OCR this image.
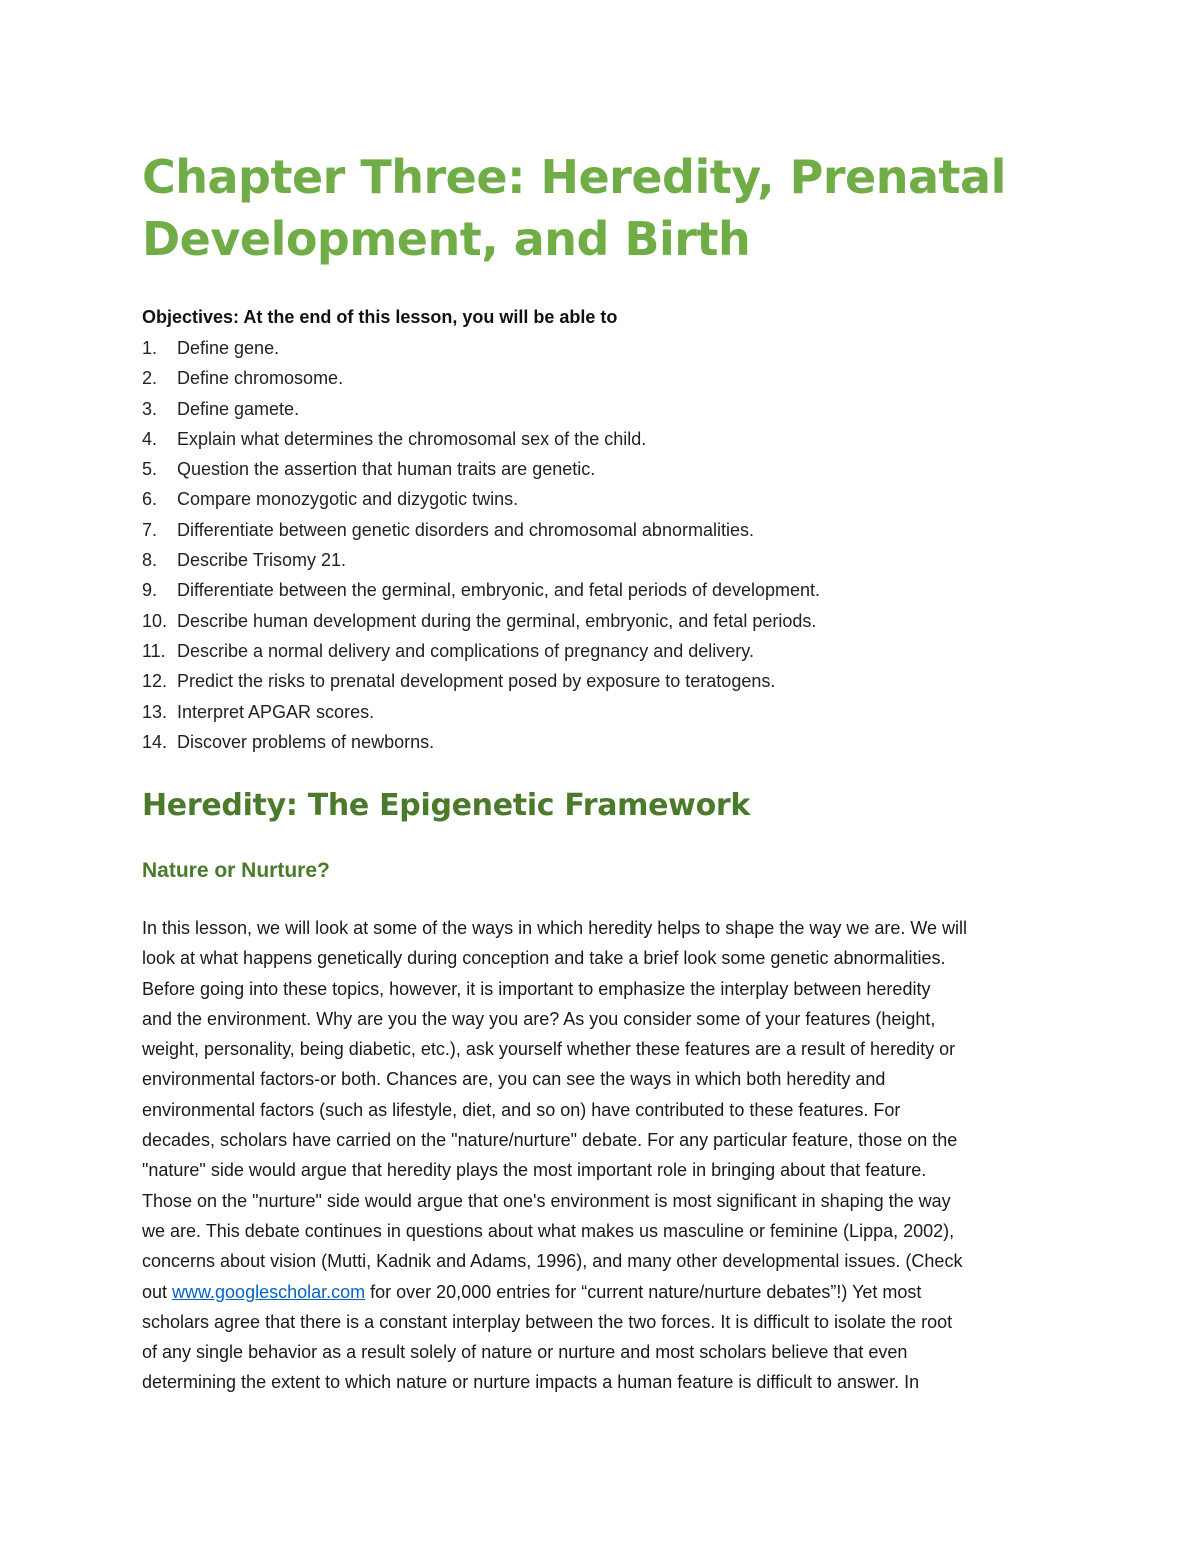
Chapter Three: Heredity, Prenatal
Development, and Birth

Objectives: At the end of this lesson, you will be able to

1.	Define gene.
2.	Define chromosome.
3.	Define gamete.
4.	Explain what determines the chromosomal sex of the child.
5.	Question the assertion that human traits are genetic.
6.	Compare monozygotic and dizygotic twins.
7.	Differentiate between genetic disorders and chromosomal abnormalities.
8.	Describe Trisomy 21.
9.	Differentiate between the germinal, embryonic, and fetal periods of development.
10. Describe human development during the germinal, embryonic, and fetal periods.
11. Describe a normal delivery and complications of pregnancy and delivery.
12. Predict the risks to prenatal development posed by exposure to teratogens.
13. Interpret APGAR scores.
14. Discover problems of newborns.
Heredity: The Epigenetic Framework
Nature or Nurture?
In this lesson, we will look at some of the ways in which heredity helps to shape the way we are. We will
look at what happens genetically during conception and take a brief look some genetic abnormalities.
Before going into these topics, however, it is important to emphasize the interplay between heredity
and the environment. Why are you the way you are? As you consider some of your features (height,
weight, personality, being diabetic, etc.), ask yourself whether these features are a result of heredity or
environmental factors-or both. Chances are, you can see the ways in which both heredity and
environmental factors (such as lifestyle, diet, and so on) have contributed to these features. For
decades, scholars have carried on the "nature/nurture" debate. For any particular feature, those on the
"nature" side would argue that heredity plays the most important role in bringing about that feature.
Those on the "nurture" side would argue that one's environment is most significant in shaping the way
we are. This debate continues in questions about what makes us masculine or feminine (Lippa, 2002),
concerns about vision (Mutti, Kadnik and Adams, 1996), and many other developmental issues. (Check
out www.googlescholar.com for over 20,000 entries for “current nature/nurture debates”!) Yet most
scholars agree that there is a constant interplay between the two forces. It is difficult to isolate the root
of any single behavior as a result solely of nature or nurture and most scholars believe that even
determining the extent to which nature or nurture impacts a human feature is difficult to answer. In
